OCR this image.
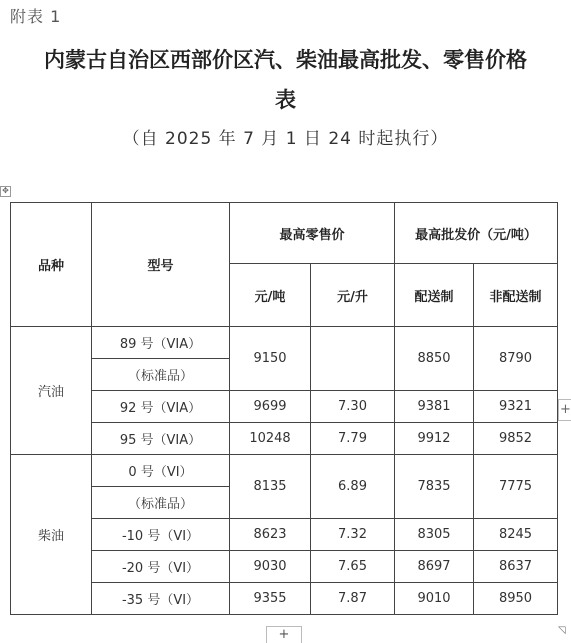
附表 1
内蒙古自治区西部价区汽、柴油最高批发、零售价格
表
（自 2025 年 7 月 1 日 24 时起执行）
✥
品种	型号	最高零售价		最高批发价（元/吨）	
		元/吨	元/升	配送制	非配送制
汽油	89 号（VIA）	9150		8850	8790
	（标准品）				
	92 号（VIA）	9699	7.30	9381	9321
	95 号（VIA）	10248	7.79	9912	9852
柴油	0 号（VI）	8135	6.89	7835	7775
	（标准品）				
	-10 号（VI）	8623	7.32	8305	8245
	-20 号（VI）	9030	7.65	8697	8637
	-35 号（VI）	9355	7.87	9010	8950
+
+	◹
